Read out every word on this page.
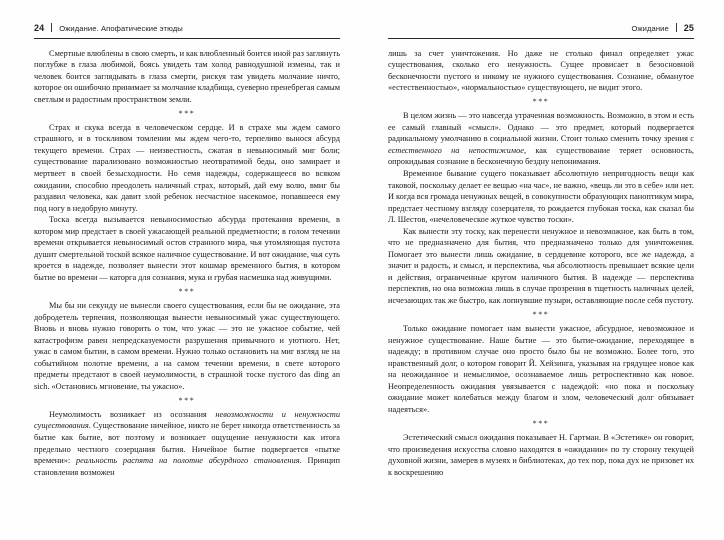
24 Ожидание. Апофатические этюды

Смертные влюблены в свою смерть, и как влюбленный боится иной раз заглянуть поглубже в глаза любимой, боясь увидеть там холод равнодушной измены, так и человек боится заглядывать в глаза смерти, рискуя там увидеть молчание ничто, которое он ошибочно принимает за молчание кладбища, суеверно пренебрегая самым светлым и радостным пространством земли.

***

Страх и скука всегда в человеческом сердце. И в страхе мы ждем самого страшного, и в тоскливом томлении мы ждем чего-то, терпеливо вынося абсурд текущего времени. Страх — неизвестность, сжатая в невыносимый миг боли; существование парализовано возможностью неотвратимой беды, оно замирает и мертвеет в своей безысходности. Но семя надежды, содержащееся во всяком ожидании, способно преодолеть наличный страх, который, дай ему волю, вмиг бы раздавил человека, как давит злой ребенок несчастное насекомое, попавшееся ему под ногу в недобрую минуту.

Тоска всегда вызывается невыносимостью абсурда протекания времени, в котором мир предстает в своей ужасающей реальной предметности; в голом течении времени открывается невыносимый остов странного мира, чья утомляющая пустота душит смертельной тоской всякое наличное существование. И вот ожидание, чья суть кроется в надежде, позволяет вынести этот кошмар временного бытия, в котором бытие во времени — каторга для сознания, мука и грубая насмешка над живущими.

***

Мы бы ни секунду не вынесли своего существования, если бы не ожидание, эта добродетель терпения, позволяющая вынести невыносимый ужас существующего. Вновь и вновь нужно говорить о том, что ужас — это не ужасное событие, чей катастрофизм равен непредсказуемости разрушения привычного и уютного. Нет, ужас в самом бытии, в самом времени. Нужно только остановить на миг взгляд не на событийном полотне времени, а на самом течении времени, в свете которого предметы предстают в своей неумолимости, в страшной тоске пустого das ding an sich. «Остановись мгновение, ты ужасно».

***

Неумолимость возникает из осознания невозможности и ненужности существования. Существование ничейное, никто не берет никогда ответственность за бытие как бытие, вот поэтому и возникает ощущение ненужности как итога предельно честного созерцания бытия. Ничейное бытие подвергается «пытке времени»: реальность распята на полотне абсурдного становления. Принцип становления возможен

Ожидание 25

лишь за счет уничтожения. Но даже не столько финал определяет ужас существования, сколько его ненужность. Сущее провисает в безосновной бесконечности пустого и никому не нужного существования. Сознание, обманутое «естественностью», «нормальностью» существующего, не видит этого.

***

В целом жизнь — это навсегда утраченная возможность. Возможно, в этом и есть ее самый главный «смысл». Однако — это предмет, который подвергается радикальному умолчанию в социальной жизни. Стоит только сменить точку зрения с естественного на непостижимое, как существование теряет основность, опрокидывая сознание в бесконечную бездну непонимания.

Временное бывание сущего показывает абсолютную непригодность вещи как таковой, поскольку делает ее вещью «на час», не важно, «вещь ли это в себе» или нет. И когда вся громада ненужных вещей, в совокупности образующих паноптикум мира, предстает честному взгляду созерцателя, то рождается глубокая тоска, как сказал бы Л. Шестов, «нечеловеческое жуткое чувство тоски».

Как вынести эту тоску, как перенести ненужное и невозможное, как быть в том, что не предназначено для бытия, что предназначено только для уничтожения. Помогает это вынести лишь ожидание, в сердцевине которого, все же надежда, а значит и радость, и смысл, и перспектива, чья абсолютность превышает всякие цели и действия, ограниченные кругом наличного бытия. В надежде — перспектива перспектив, но она возможна лишь в случае прозрения в тщетность наличных целей, исчезающих так же быстро, как лопнувшие пузыри, оставляющие после себя пустоту.

***

Только ожидание помогает нам вынести ужасное, абсурдное, невозможное и ненужное существование. Наше бытие — это бытие-ожидание, переходящее в надежду; в противном случае оно просто было бы не возможно. Более того, это нравственный долг, о котором говорит Й. Хейзинга, указывая на грядущее новое как на неожиданное и немыслимое, осознаваемое лишь ретроспективно как новое. Неопределенность ожидания увязывается с надеждой: «но пока и поскольку ожидание может колебаться между благом и злом, человеческий долг обязывает надеяться».

***

Эстетический смысл ожидания показывает Н. Гартман. В «Эстетике» он говорит, что произведения искусства словно находятся в «ожидании» по ту сторону текущей духовной жизни, замерев в музеях и библиотеках, до тех пор, пока дух не призовет их к воскрешению
